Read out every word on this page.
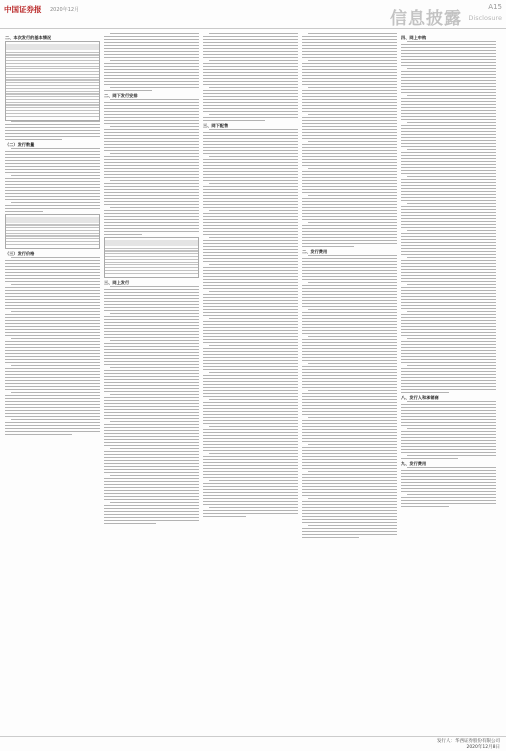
中国证券报 2020年12月	信息披露 Disclosure
A15
二、本次发行的基本情况
（二）发行数量
（三）发行价格
二、网下发行安排
三、网上发行
三、网下配售
二、发行费用
四、网上申购
八、发行人和承销商
九、发行费用
发行人：华西证券股份有限公司
2020年12月8日
